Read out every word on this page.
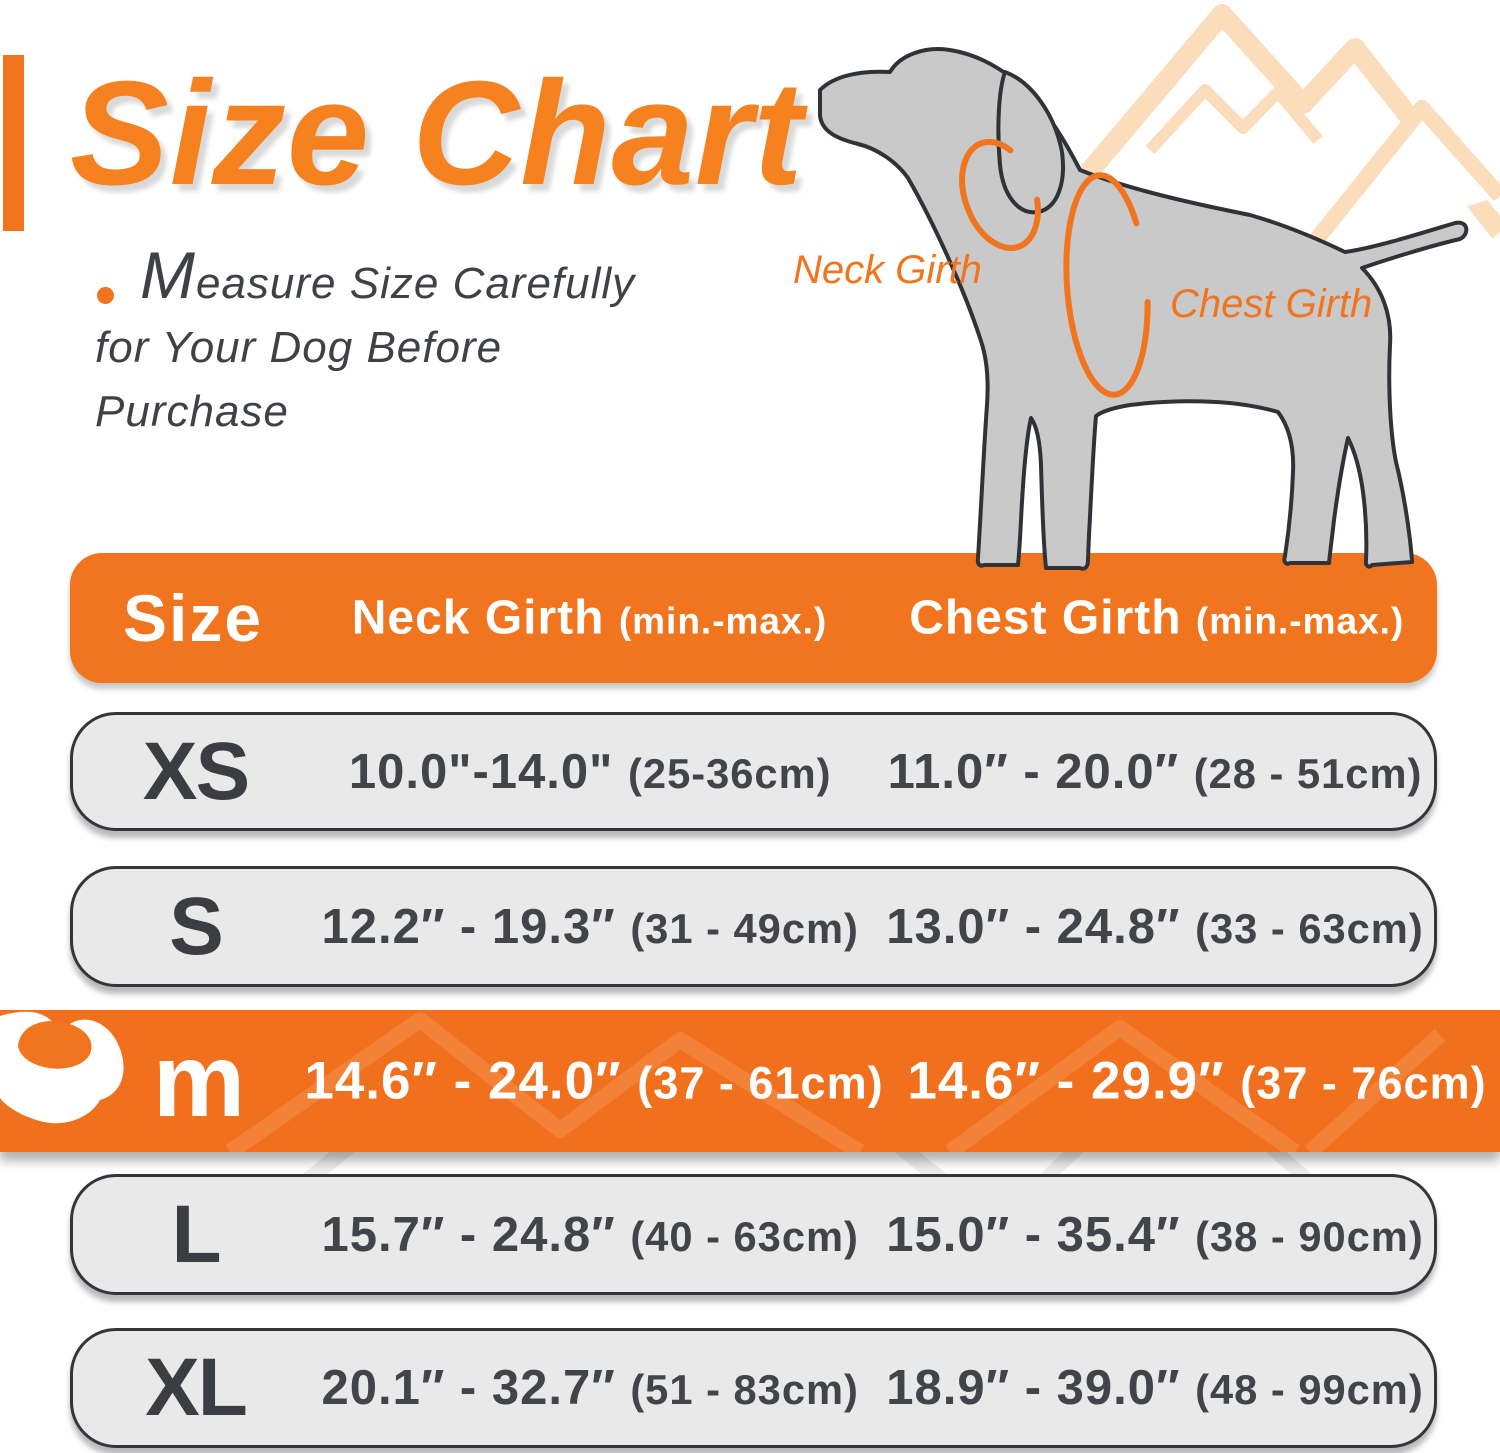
Size Chart
Measure Size Carefully
for Your Dog Before
Purchase
Neck Girth
Chest Girth
Size Neck Girth (min.-max.) Chest Girth (min.-max.)
XS 10.0"-14.0" (25-36cm) 11.0″ - 20.0″ (28 - 51cm)
S 12.2″ - 19.3″ (31 - 49cm) 13.0″ - 24.8″ (33 - 63cm)
m 14.6″ - 24.0″ (37 - 61cm) 14.6″ - 29.9″ (37 - 76cm)
L 15.7″ - 24.8″ (40 - 63cm) 15.0″ - 35.4″ (38 - 90cm)
XL 20.1″ - 32.7″ (51 - 83cm) 18.9″ - 39.0″ (48 - 99cm)
